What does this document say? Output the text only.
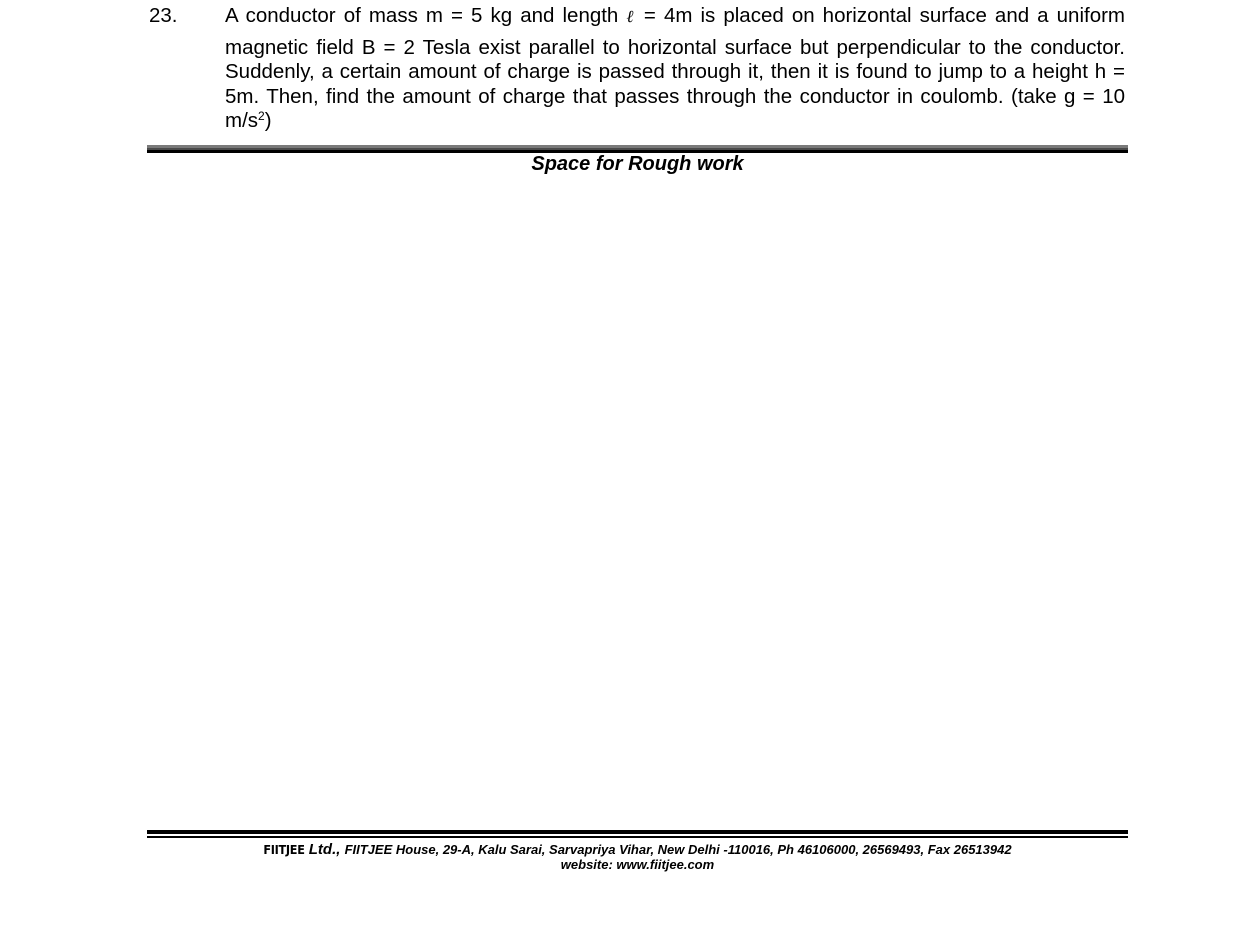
23. A conductor of mass m = 5 kg and length ℓ = 4m is placed on horizontal surface and a uniform
magnetic field B = 2 Tesla exist parallel to horizontal surface but perpendicular to the conductor. Suddenly, a certain amount of charge is passed through it, then it is found to jump to a height h = 5m. Then, find the amount of charge that passes through the conductor in coulomb. (take g = 10 $m/s^2$)
Space for Rough work
FIITJEE Ltd., FIITJEE House, 29-A, Kalu Sarai, Sarvapriya Vihar, New Delhi -110016, Ph 46106000, 26569493, Fax 26513942
website: www.fiitjee.com
